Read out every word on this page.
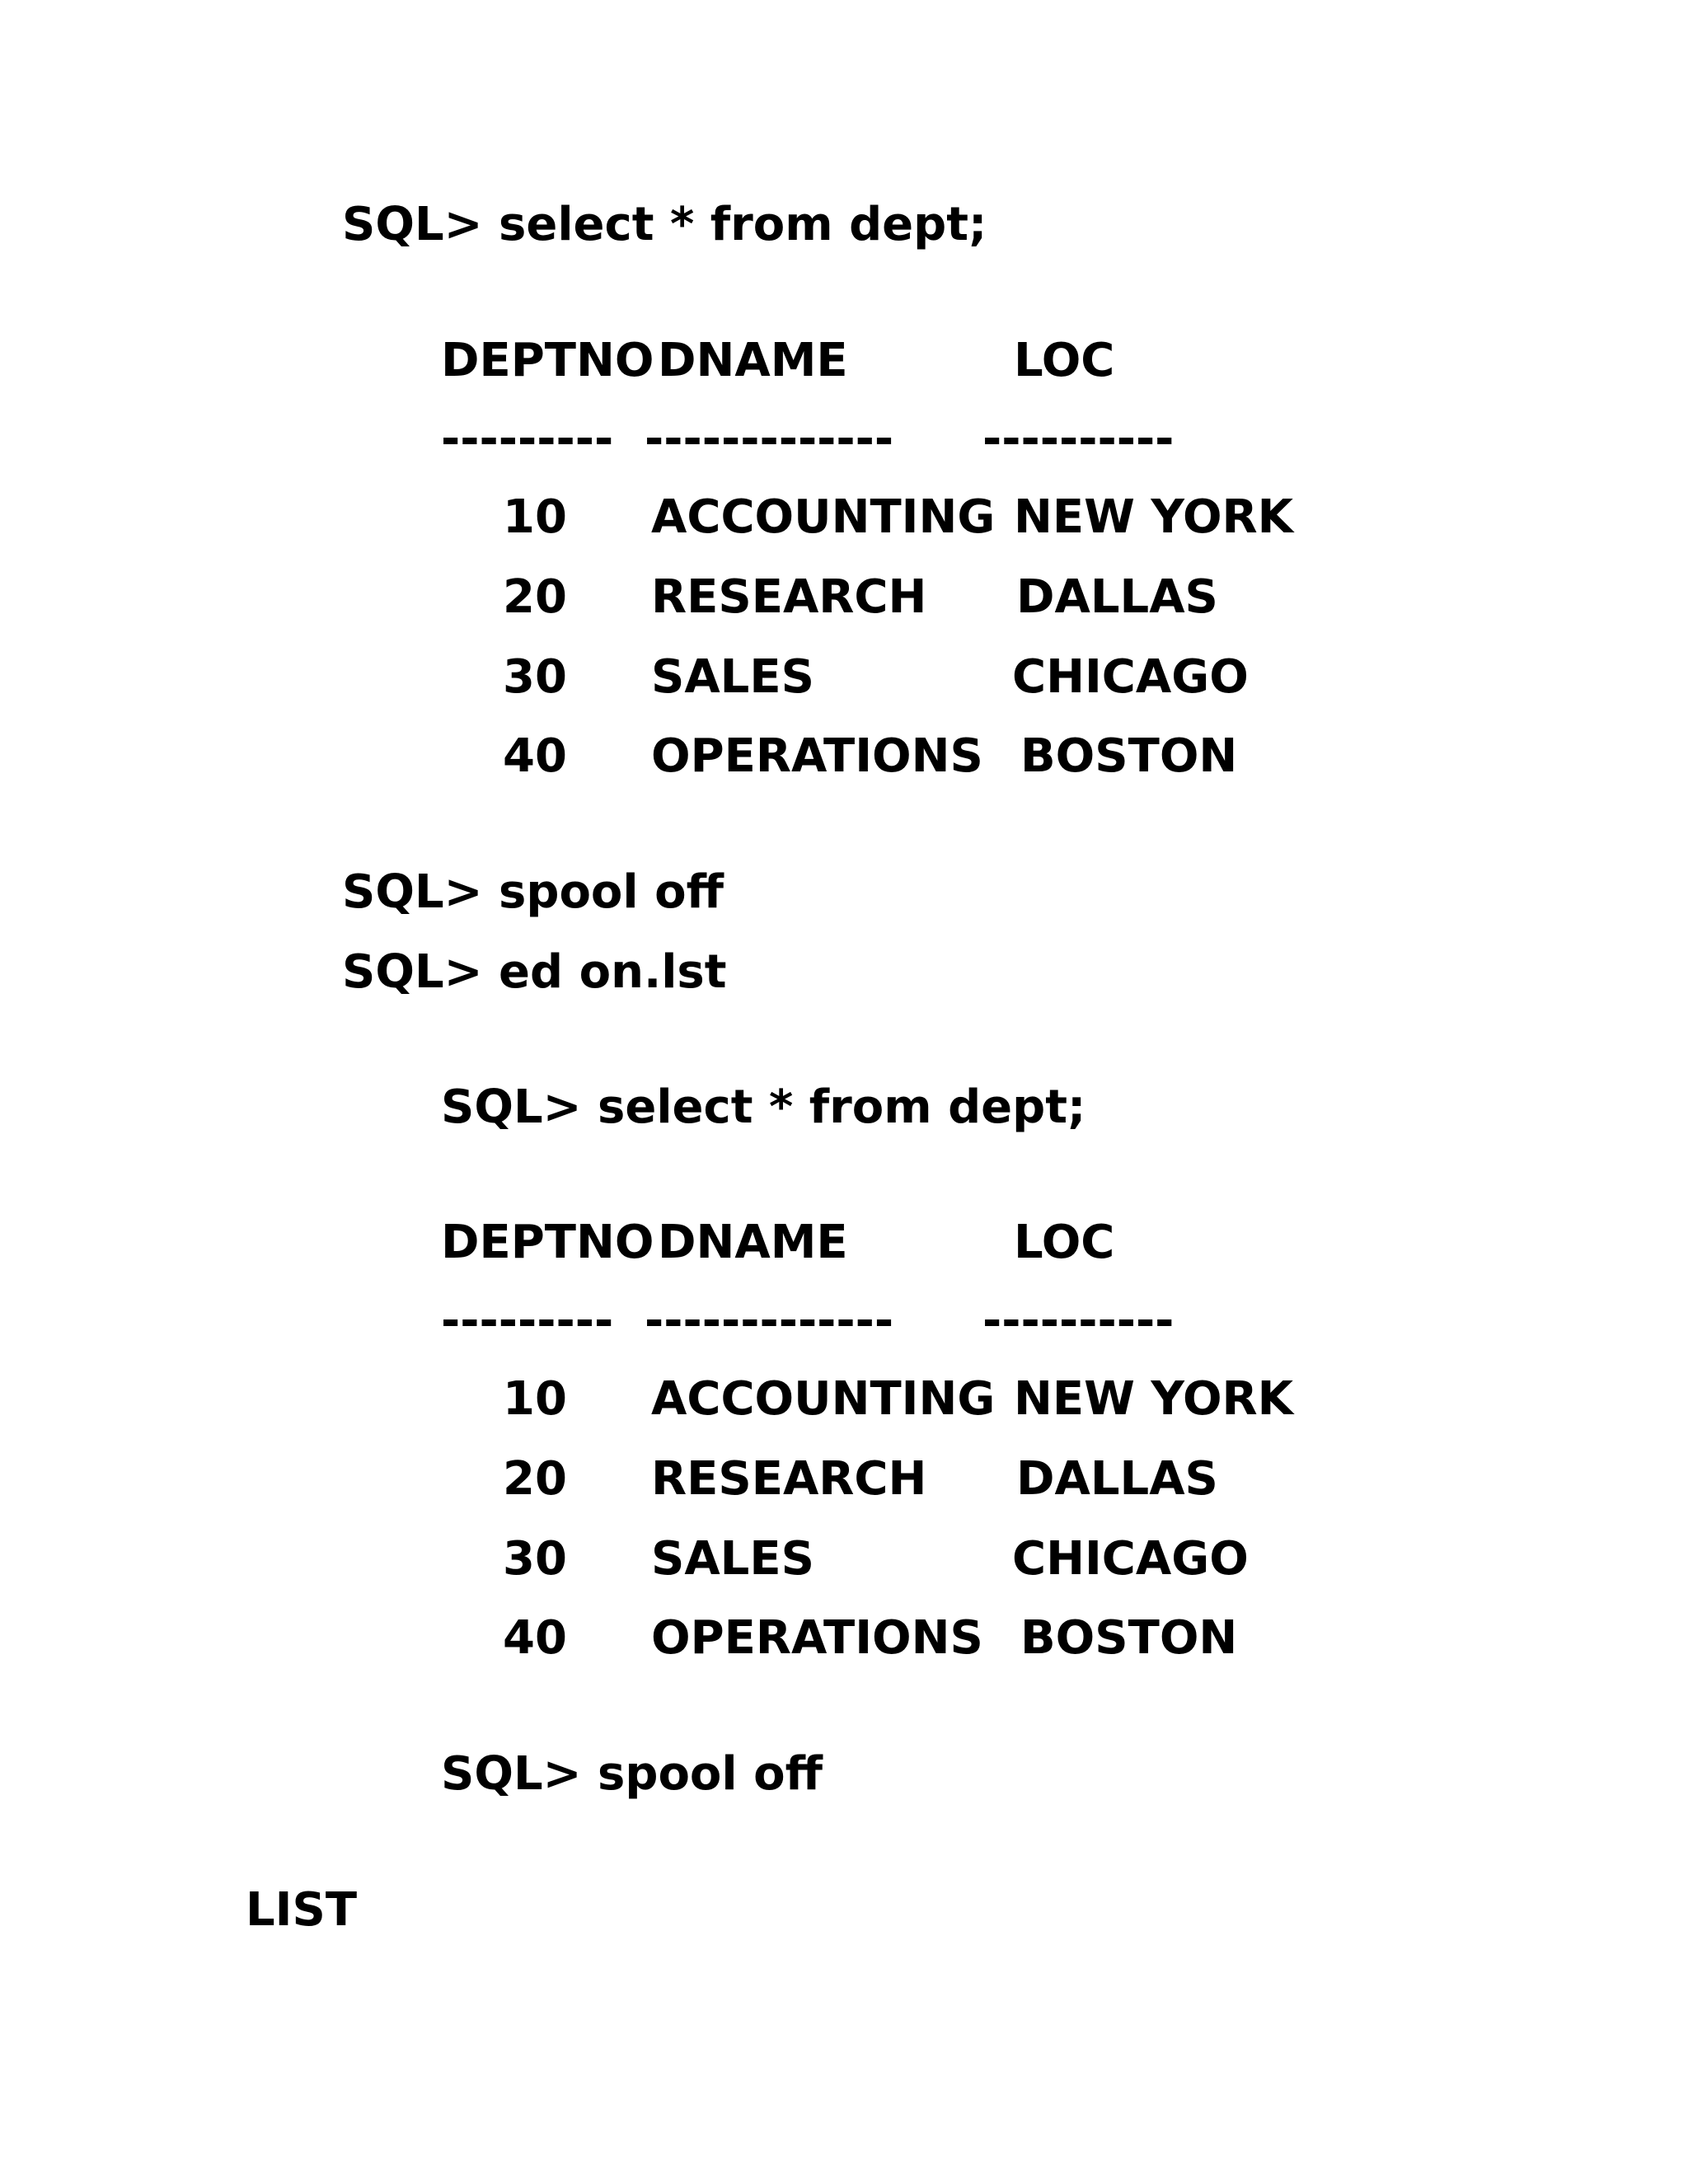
SQL> select * from dept;

DEPTNO DNAME	LOC

--------- ------------- ----------

10 ACCOUNTING NEW YORK

20 RESEARCH DALLAS

30 SALES	CHICAGO

40 OPERATIONS BOSTON

SQL> spool off

SQL> ed on.lst

SQL> select * from dept;

DEPTNO DNAME	LOC

--------- ------------- ----------

10 ACCOUNTING NEW YORK

20 RESEARCH DALLAS

30 SALES	CHICAGO

40 OPERATIONS BOSTON

SQL> spool off

LIST
